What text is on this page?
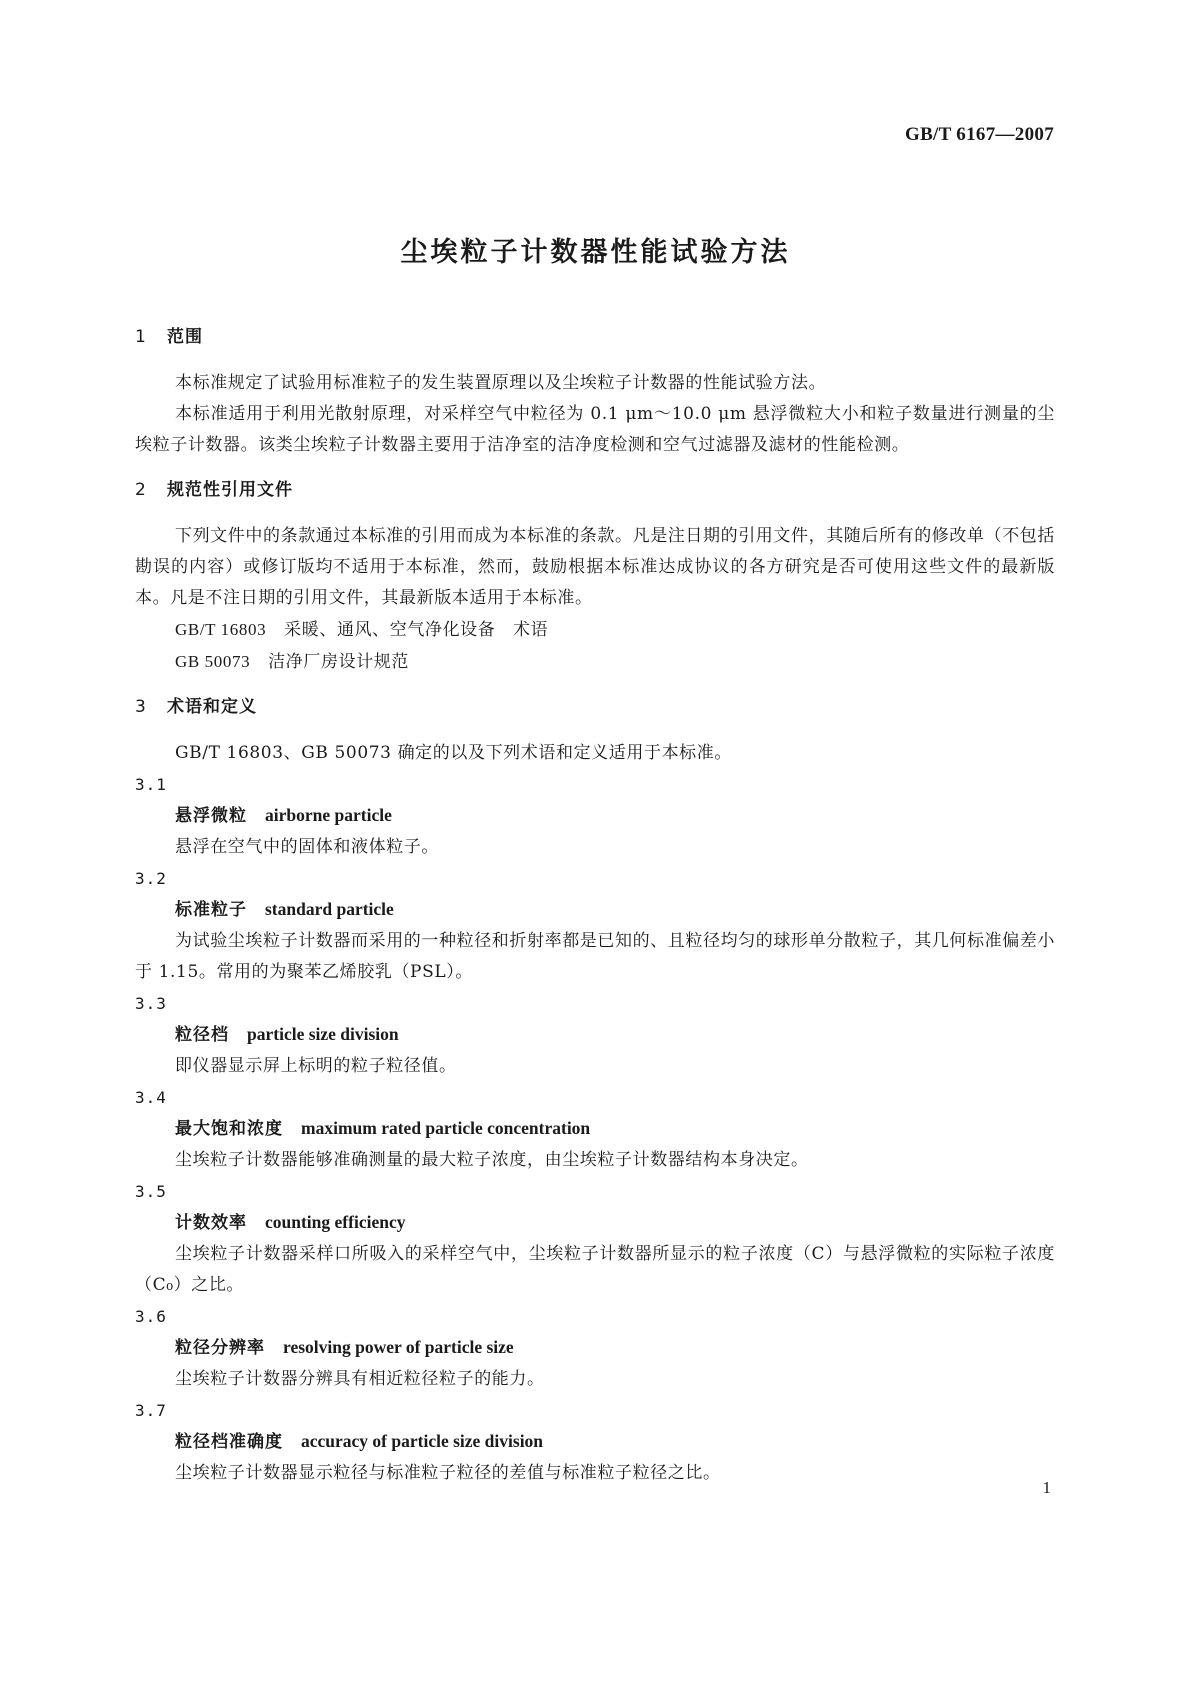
GB/T 6167—2007
尘埃粒子计数器性能试验方法
1 范围
本标准规定了试验用标准粒子的发生装置原理以及尘埃粒子计数器的性能试验方法。
本标准适用于利用光散射原理，对采样空气中粒径为 0.1 μm～10.0 μm 悬浮微粒大小和粒子数量进行测量的尘埃粒子计数器。该类尘埃粒子计数器主要用于洁净室的洁净度检测和空气过滤器及滤材的性能检测。
2 规范性引用文件
下列文件中的条款通过本标准的引用而成为本标准的条款。凡是注日期的引用文件，其随后所有的修改单（不包括勘误的内容）或修订版均不适用于本标准，然而，鼓励根据本标准达成协议的各方研究是否可使用这些文件的最新版本。凡是不注日期的引用文件，其最新版本适用于本标准。
GB/T 16803 采暖、通风、空气净化设备　术语
GB 50073 洁净厂房设计规范
3 术语和定义
GB/T 16803、GB 50073 确定的以及下列术语和定义适用于本标准。
3.1
悬浮微粒 airborne particle
悬浮在空气中的固体和液体粒子。
3.2
标准粒子 standard particle
为试验尘埃粒子计数器而采用的一种粒径和折射率都是已知的、且粒径均匀的球形单分散粒子，其几何标准偏差小于 1.15。常用的为聚苯乙烯胶乳（PSL）。
3.3
粒径档 particle size division
即仪器显示屏上标明的粒子粒径值。
3.4
最大饱和浓度 maximum rated particle concentration
尘埃粒子计数器能够准确测量的最大粒子浓度，由尘埃粒子计数器结构本身决定。
3.5
计数效率 counting efficiency
尘埃粒子计数器采样口所吸入的采样空气中，尘埃粒子计数器所显示的粒子浓度（C）与悬浮微粒的实际粒子浓度（C₀）之比。
3.6
粒径分辨率 resolving power of particle size
尘埃粒子计数器分辨具有相近粒径粒子的能力。
3.7
粒径档准确度 accuracy of particle size division
尘埃粒子计数器显示粒径与标准粒子粒径的差值与标准粒子粒径之比。
1
